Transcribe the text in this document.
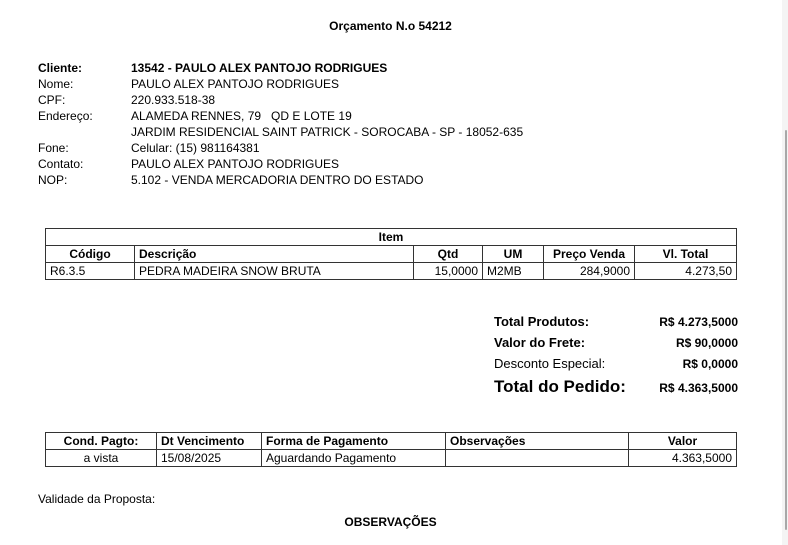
Orçamento N.o 54212
Cliente:	13542 - PAULO ALEX PANTOJO RODRIGUES
Nome:	PAULO ALEX PANTOJO RODRIGUES
CPF:	220.933.518-38
Endereço:	ALAMEDA RENNES, 79   QD E LOTE 19
JARDIM RESIDENCIAL SAINT PATRICK - SOROCABA - SP - 18052-635
Fone:	Celular: (15) 981164381
Contato:	PAULO ALEX PANTOJO RODRIGUES
NOP:	5.102 - VENDA MERCADORIA DENTRO DO ESTADO
Item					
Código	Descrição	Qtd	UM	Preço Venda	Vl. Total
R6.3.5	PEDRA MADEIRA SNOW BRUTA	15,0000	M2MB	284,9000	4.273,50
Total Produtos:	R$ 4.273,5000
Valor do Frete:	R$ 90,0000
Desconto Especial:	R$ 0,0000
Total do Pedido:	R$ 4.363,5000
Cond. Pagto:	Dt Vencimento	Forma de Pagamento	Observações	Valor
a vista	15/08/2025	Aguardando Pagamento		4.363,5000
Validade da Proposta:
OBSERVAÇÕES
